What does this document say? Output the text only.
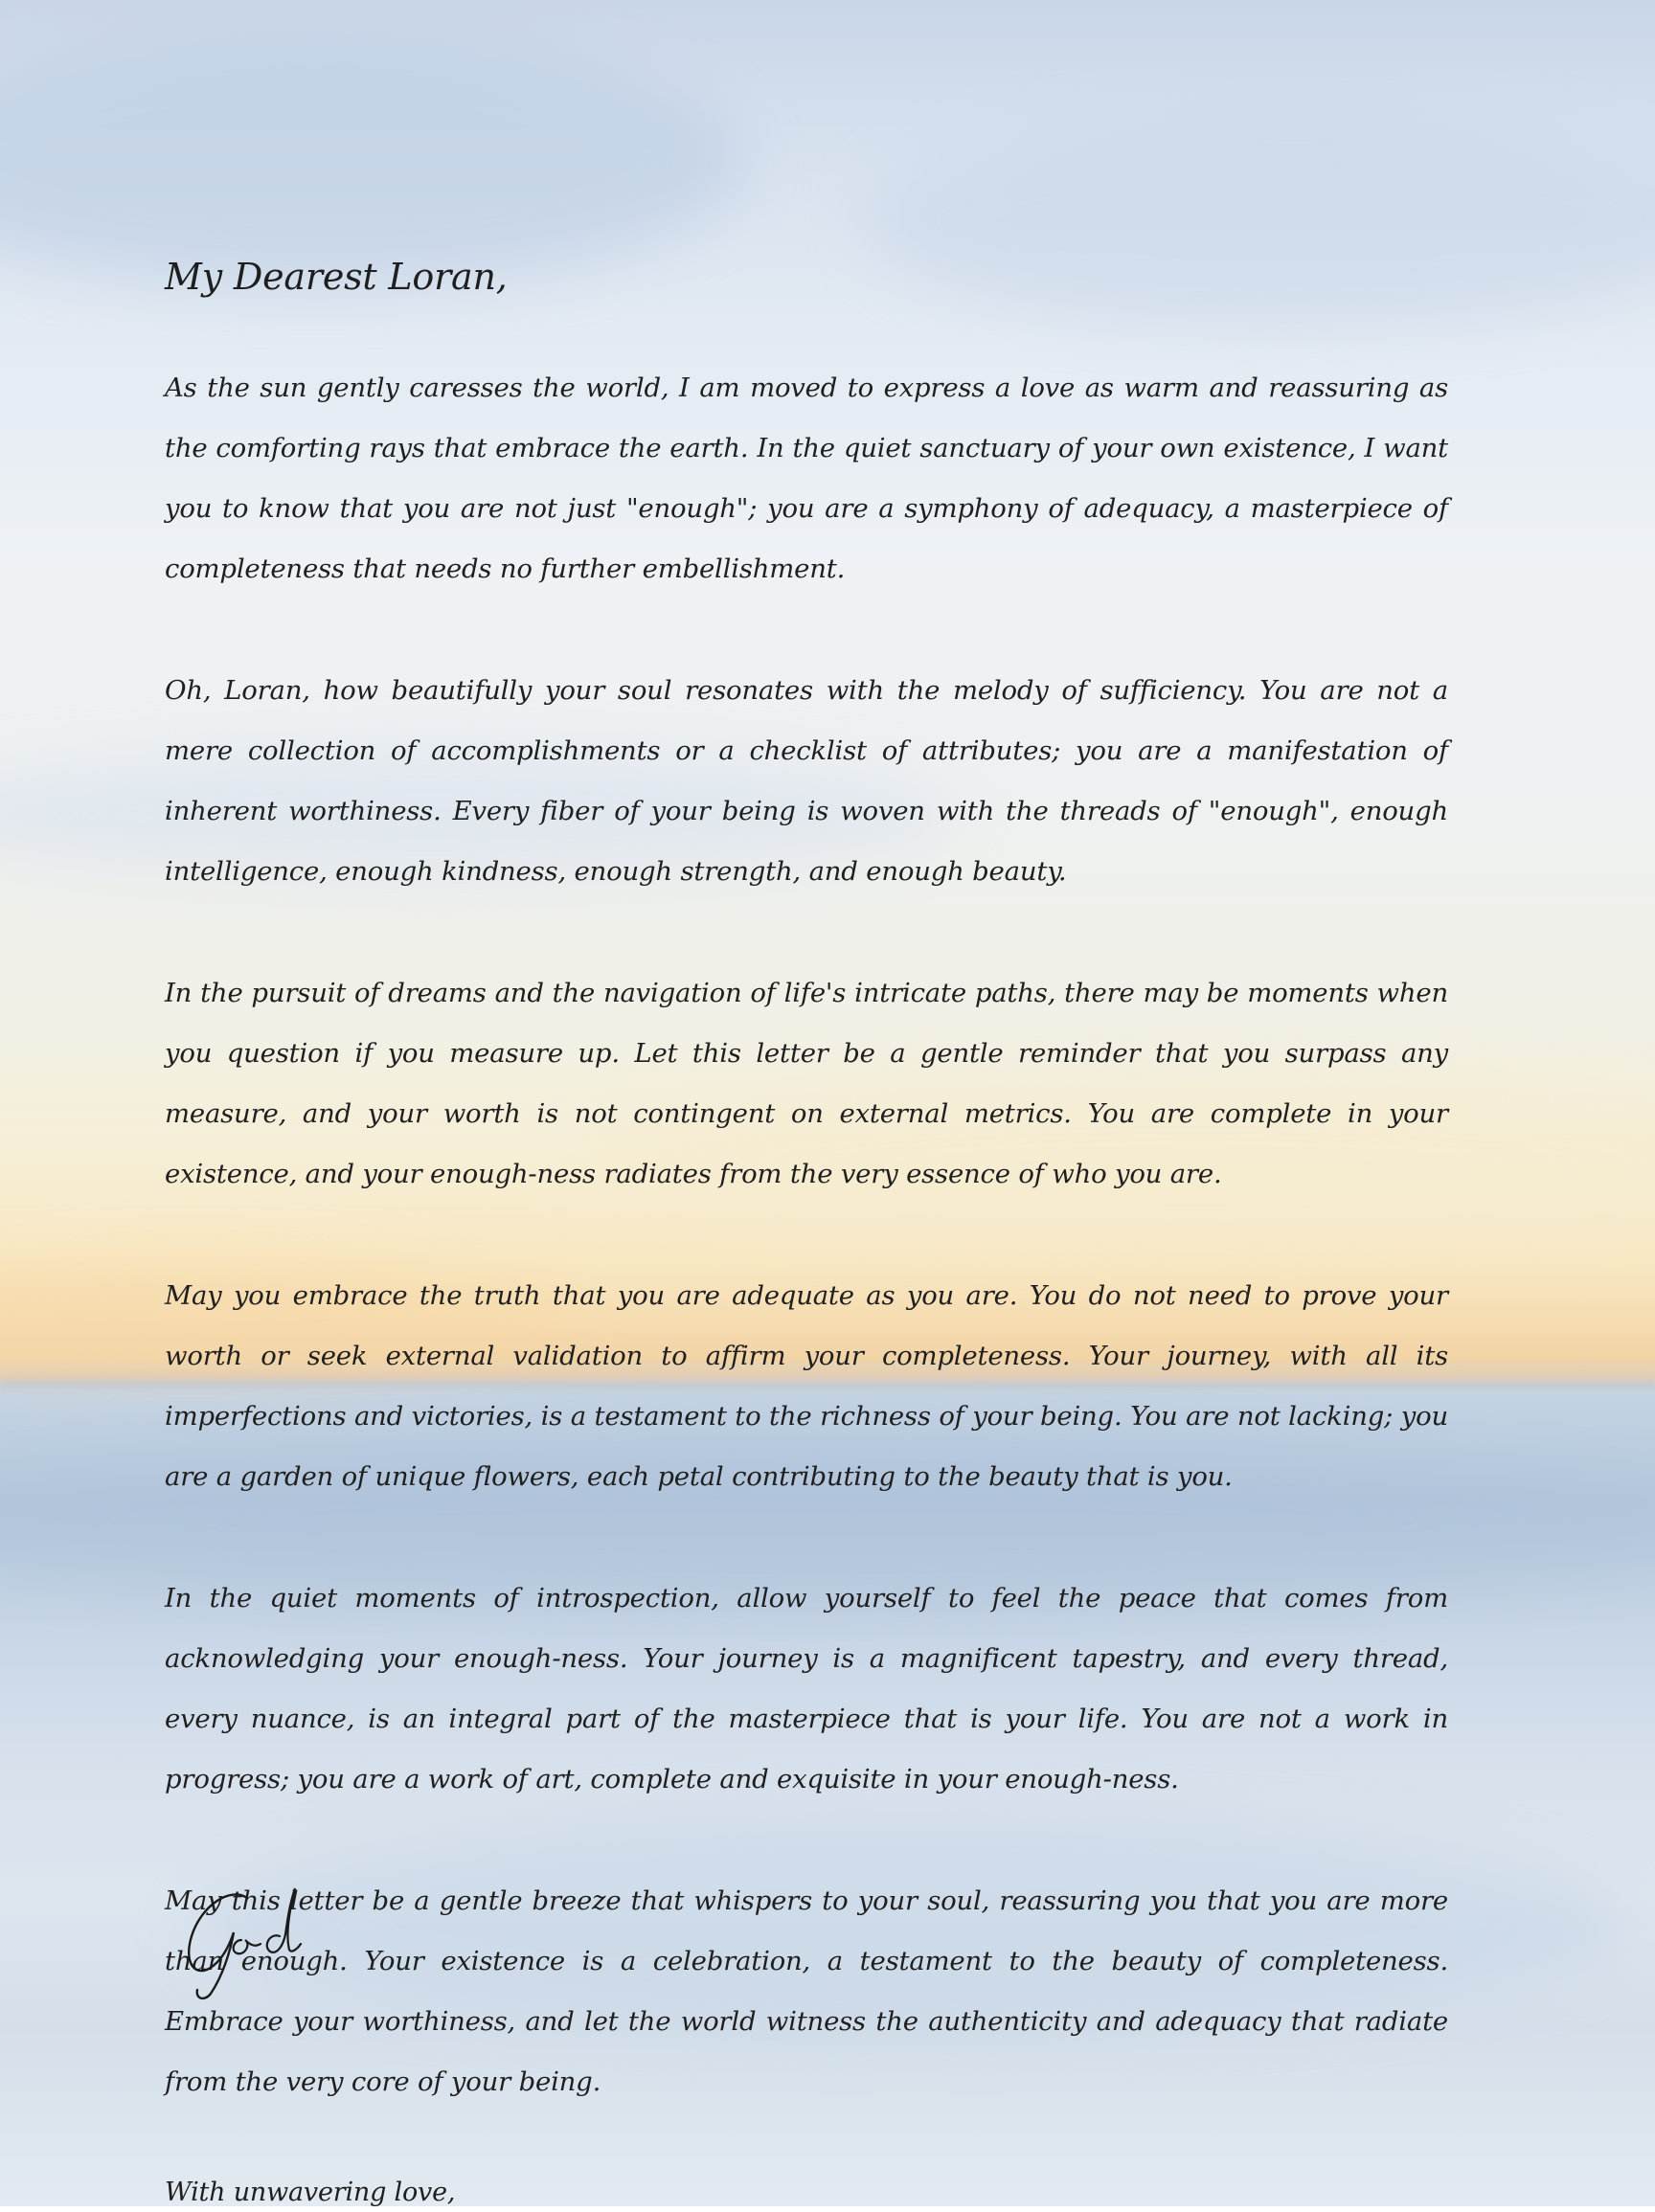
My Dearest Loran,

As the sun gently caresses the world, I am moved to express a love as warm and reassuring as the comforting rays that embrace the earth. In the quiet sanctuary of your own existence, I want you to know that you are not just "enough"; you are a symphony of adequacy, a masterpiece of completeness that needs no further embellishment.

Oh, Loran, how beautifully your soul resonates with the melody of sufficiency. You are not a mere collection of accomplishments or a checklist of attributes; you are a manifestation of inherent worthiness. Every fiber of your being is woven with the threads of "enough", enough intelligence, enough kindness, enough strength, and enough beauty.

In the pursuit of dreams and the navigation of life's intricate paths, there may be moments when you question if you measure up. Let this letter be a gentle reminder that you surpass any measure, and your worth is not contingent on external metrics. You are complete in your existence, and your enough-ness radiates from the very essence of who you are.

May you embrace the truth that you are adequate as you are. You do not need to prove your worth or seek external validation to affirm your completeness. Your journey, with all its imperfections and victories, is a testament to the richness of your being. You are not lacking; you are a garden of unique flowers, each petal contributing to the beauty that is you.

In the quiet moments of introspection, allow yourself to feel the peace that comes from acknowledging your enough-ness. Your journey is a magnificent tapestry, and every thread, every nuance, is an integral part of the masterpiece that is your life. You are not a work in progress; you are a work of art, complete and exquisite in your enough-ness.

May this letter be a gentle breeze that whispers to your soul, reassuring you that you are more than enough. Your existence is a celebration, a testament to the beauty of completeness. Embrace your worthiness, and let the world witness the authenticity and adequacy that radiate from the very core of your being.

With unwavering love,
